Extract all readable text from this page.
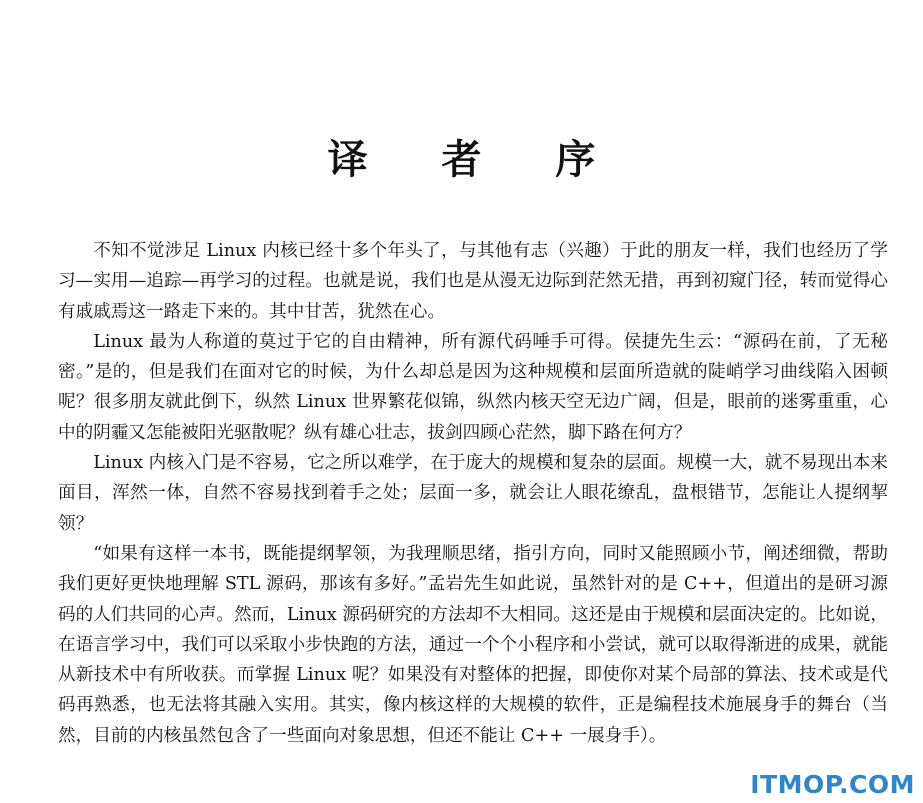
译 者 序

不知不觉涉足 Linux 内核已经十多个年头了，与其他有志（兴趣）于此的朋友一样，我们也经历了学习—实用—追踪—再学习的过程。也就是说，我们也是从漫无边际到茫然无措，再到初窥门径，转而觉得心有戚戚焉这一路走下来的。其中甘苦，犹然在心。

Linux 最为人称道的莫过于它的自由精神，所有源代码唾手可得。侯捷先生云：“源码在前，了无秘密。”是的，但是我们在面对它的时候，为什么却总是因为这种规模和层面所造就的陡峭学习曲线陷入困顿呢？很多朋友就此倒下，纵然 Linux 世界繁花似锦，纵然内核天空无边广阔，但是，眼前的迷雾重重，心中的阴霾又怎能被阳光驱散呢？纵有雄心壮志，拔剑四顾心茫然，脚下路在何方？

Linux 内核入门是不容易，它之所以难学，在于庞大的规模和复杂的层面。规模一大，就不易现出本来面目，浑然一体，自然不容易找到着手之处；层面一多，就会让人眼花缭乱，盘根错节，怎能让人提纲挈领？

“如果有这样一本书，既能提纲挈领，为我理顺思绪，指引方向，同时又能照顾小节，阐述细微，帮助我们更好更快地理解 STL 源码，那该有多好。”孟岩先生如此说，虽然针对的是 C++，但道出的是研习源码的人们共同的心声。然而，Linux 源码研究的方法却不大相同。这还是由于规模和层面决定的。比如说，在语言学习中，我们可以采取小步快跑的方法，通过一个个小程序和小尝试，就可以取得渐进的成果，就能从新技术中有所收获。而掌握 Linux 呢？如果没有对整体的把握，即使你对某个局部的算法、技术或是代码再熟悉，也无法将其融入实用。其实，像内核这样的大规模的软件，正是编程技术施展身手的舞台（当然，目前的内核虽然包含了一些面向对象思想，但还不能让 C++ 一展身手）。

ITMOP.COM
